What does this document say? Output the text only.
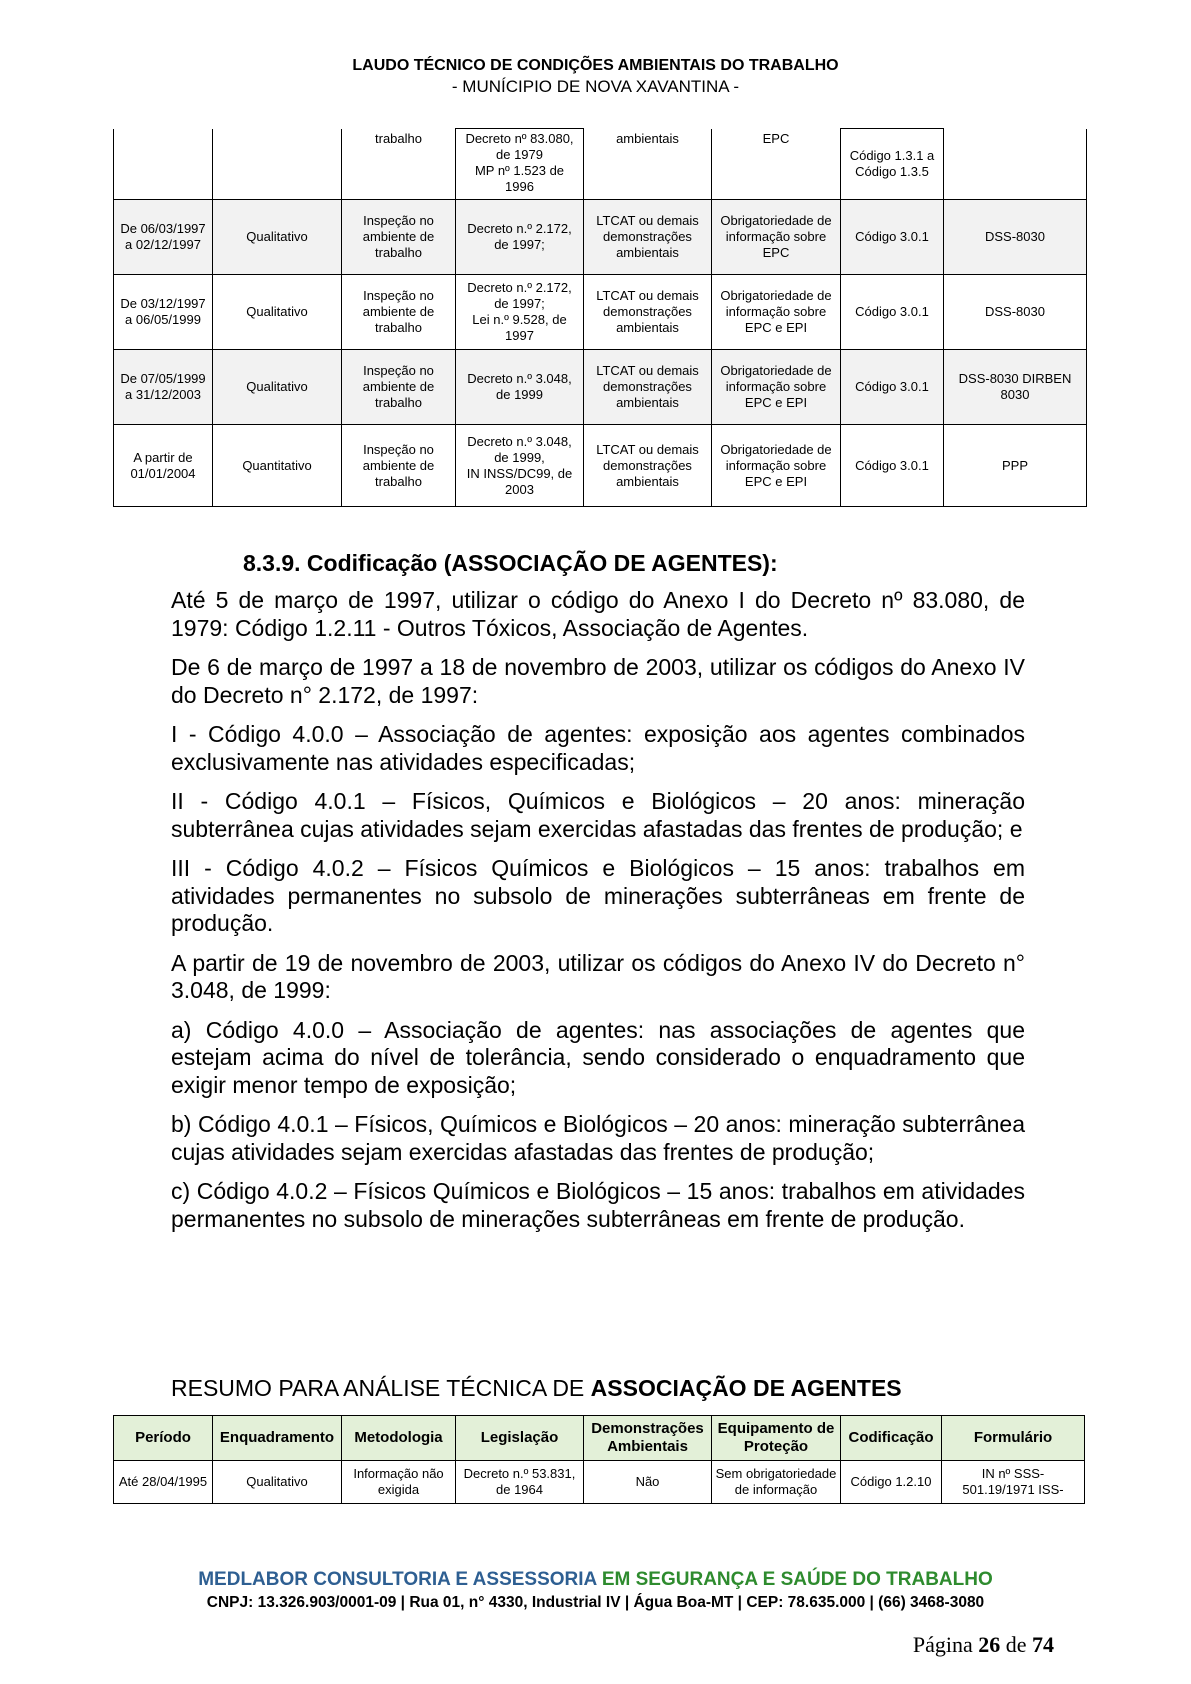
LAUDO TÉCNICO DE CONDIÇÕES AMBIENTAIS DO TRABALHO
- MUNÍCIPIO DE NOVA XAVANTINA -
		trabalho	Decreto nº 83.080,
de 1979
MP nº 1.523 de
1996	ambientais	EPC	Código 1.3.1 a
Código 1.3.5	
De 06/03/1997
a 02/12/1997	Qualitativo	Inspeção no
ambiente de
trabalho	Decreto n.º 2.172,
de 1997;	LTCAT ou demais
demonstrações
ambientais	Obrigatoriedade de
informação sobre
EPC	Código 3.0.1	DSS-8030
De 03/12/1997
a 06/05/1999	Qualitativo	Inspeção no
ambiente de
trabalho	Decreto n.º 2.172,
de 1997;
Lei n.º 9.528, de
1997	LTCAT ou demais
demonstrações
ambientais	Obrigatoriedade de
informação sobre
EPC e EPI	Código 3.0.1	DSS-8030
De 07/05/1999
a 31/12/2003	Qualitativo	Inspeção no
ambiente de
trabalho	Decreto n.º 3.048,
de 1999	LTCAT ou demais
demonstrações
ambientais	Obrigatoriedade de
informação sobre
EPC e EPI	Código 3.0.1	DSS-8030 DIRBEN
8030
A partir de
01/01/2004	Quantitativo	Inspeção no
ambiente de
trabalho	Decreto n.º 3.048,
de 1999,
IN INSS/DC99, de
2003	LTCAT ou demais
demonstrações
ambientais	Obrigatoriedade de
informação sobre
EPC e EPI	Código 3.0.1	PPP
8.3.9. Codificação (ASSOCIAÇÃO DE AGENTES):

Até 5 de março de 1997, utilizar o código do Anexo I do Decreto nº 83.080, de 1979: Código 1.2.11 - Outros Tóxicos, Associação de Agentes.

De 6 de março de 1997 a 18 de novembro de 2003, utilizar os códigos do Anexo IV do Decreto n° 2.172, de 1997:

I - Código 4.0.0 – Associação de agentes: exposição aos agentes combinados exclusivamente nas atividades especificadas;

II - Código 4.0.1 – Físicos, Químicos e Biológicos – 20 anos: mineração subterrânea cujas atividades sejam exercidas afastadas das frentes de produção; e

III - Código 4.0.2 – Físicos Químicos e Biológicos – 15 anos: trabalhos em atividades permanentes no subsolo de minerações subterrâneas em frente de produção.

A partir de 19 de novembro de 2003, utilizar os códigos do Anexo IV do Decreto n° 3.048, de 1999:

a) Código 4.0.0 – Associação de agentes: nas associações de agentes que estejam acima do nível de tolerância, sendo considerado o enquadramento que exigir menor tempo de exposição;

b) Código 4.0.1 – Físicos, Químicos e Biológicos – 20 anos: mineração subterrânea cujas atividades sejam exercidas afastadas das frentes de produção;

c) Código 4.0.2 – Físicos Químicos e Biológicos – 15 anos: trabalhos em atividades permanentes no subsolo de minerações subterrâneas em frente de produção.

RESUMO PARA ANÁLISE TÉCNICA DE ASSOCIAÇÃO DE AGENTES
Período	Enquadramento	Metodologia	Legislação	Demonstrações
Ambientais	Equipamento de
Proteção	Codificação	Formulário
Até 28/04/1995	Qualitativo	Informação não
exigida	Decreto n.º 53.831,
de 1964	Não	Sem obrigatoriedade
de informação	Código 1.2.10	IN nº SSS-
501.19/1971 ISS-
MEDLABOR CONSULTORIA E ASSESSORIA EM SEGURANÇA E SAÚDE DO TRABALHO
CNPJ: 13.326.903/0001-09 | Rua 01, n° 4330, Industrial IV | Água Boa-MT | CEP: 78.635.000 | (66) 3468-3080
Página 26 de 74
